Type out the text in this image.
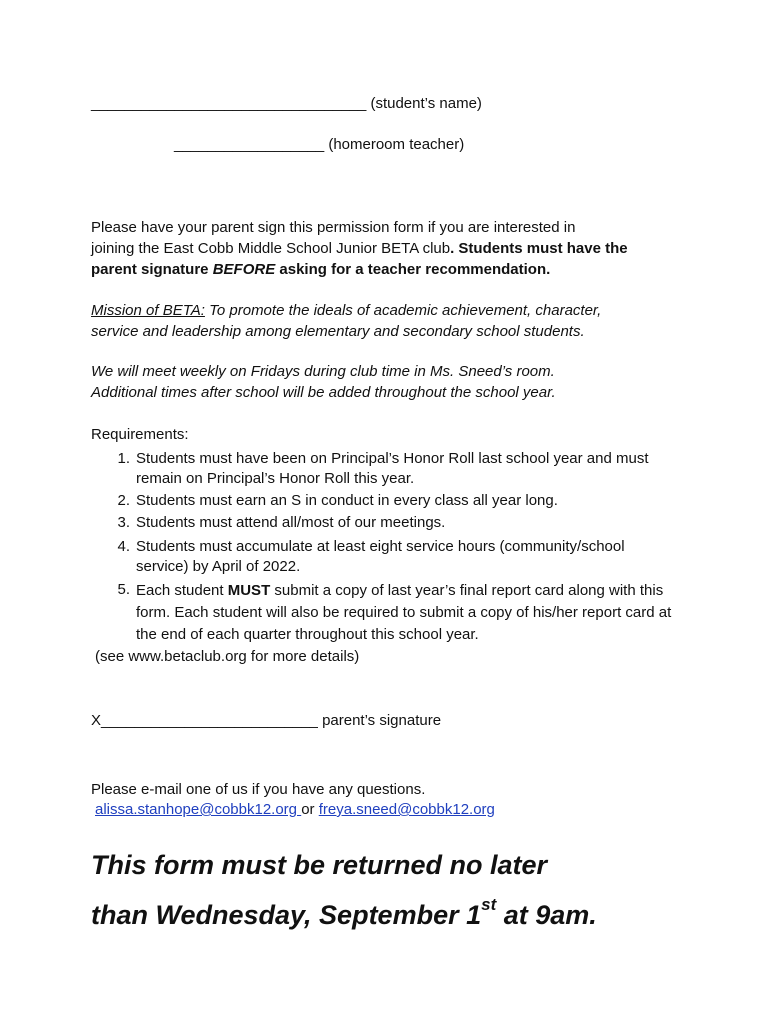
_________________________________ (student’s name)
__________________ (homeroom teacher)
Please have your parent sign this permission form if you are interested in
joining the East Cobb Middle School Junior BETA club. Students must have the
parent signature BEFORE asking for a teacher recommendation.
Mission of BETA: To promote the ideals of academic achievement, character,
service and leadership among elementary and secondary school students.
We will meet weekly on Fridays during club time in Ms. Sneed’s room.
Additional times after school will be added throughout the school year.
Requirements:
1. Students must have been on Principal’s Honor Roll last school year and must remain on Principal’s Honor Roll this year.
2. Students must earn an S in conduct in every class all year long.
3. Students must attend all/most of our meetings.
4. Students must accumulate at least eight service hours (community/school service) by April of 2022.
5. Each student MUST submit a copy of last year’s final report card along with this form. Each student will also be required to submit a copy of his/her report card at the end of each quarter throughout this school year.
(see www.betaclub.org for more details)
X__________________________ parent’s signature
Please e-mail one of us if you have any questions.
alissa.stanhope@cobbk12.org or freya.sneed@cobbk12.org
This form must be returned no later
than Wednesday, September 1st at 9am.
